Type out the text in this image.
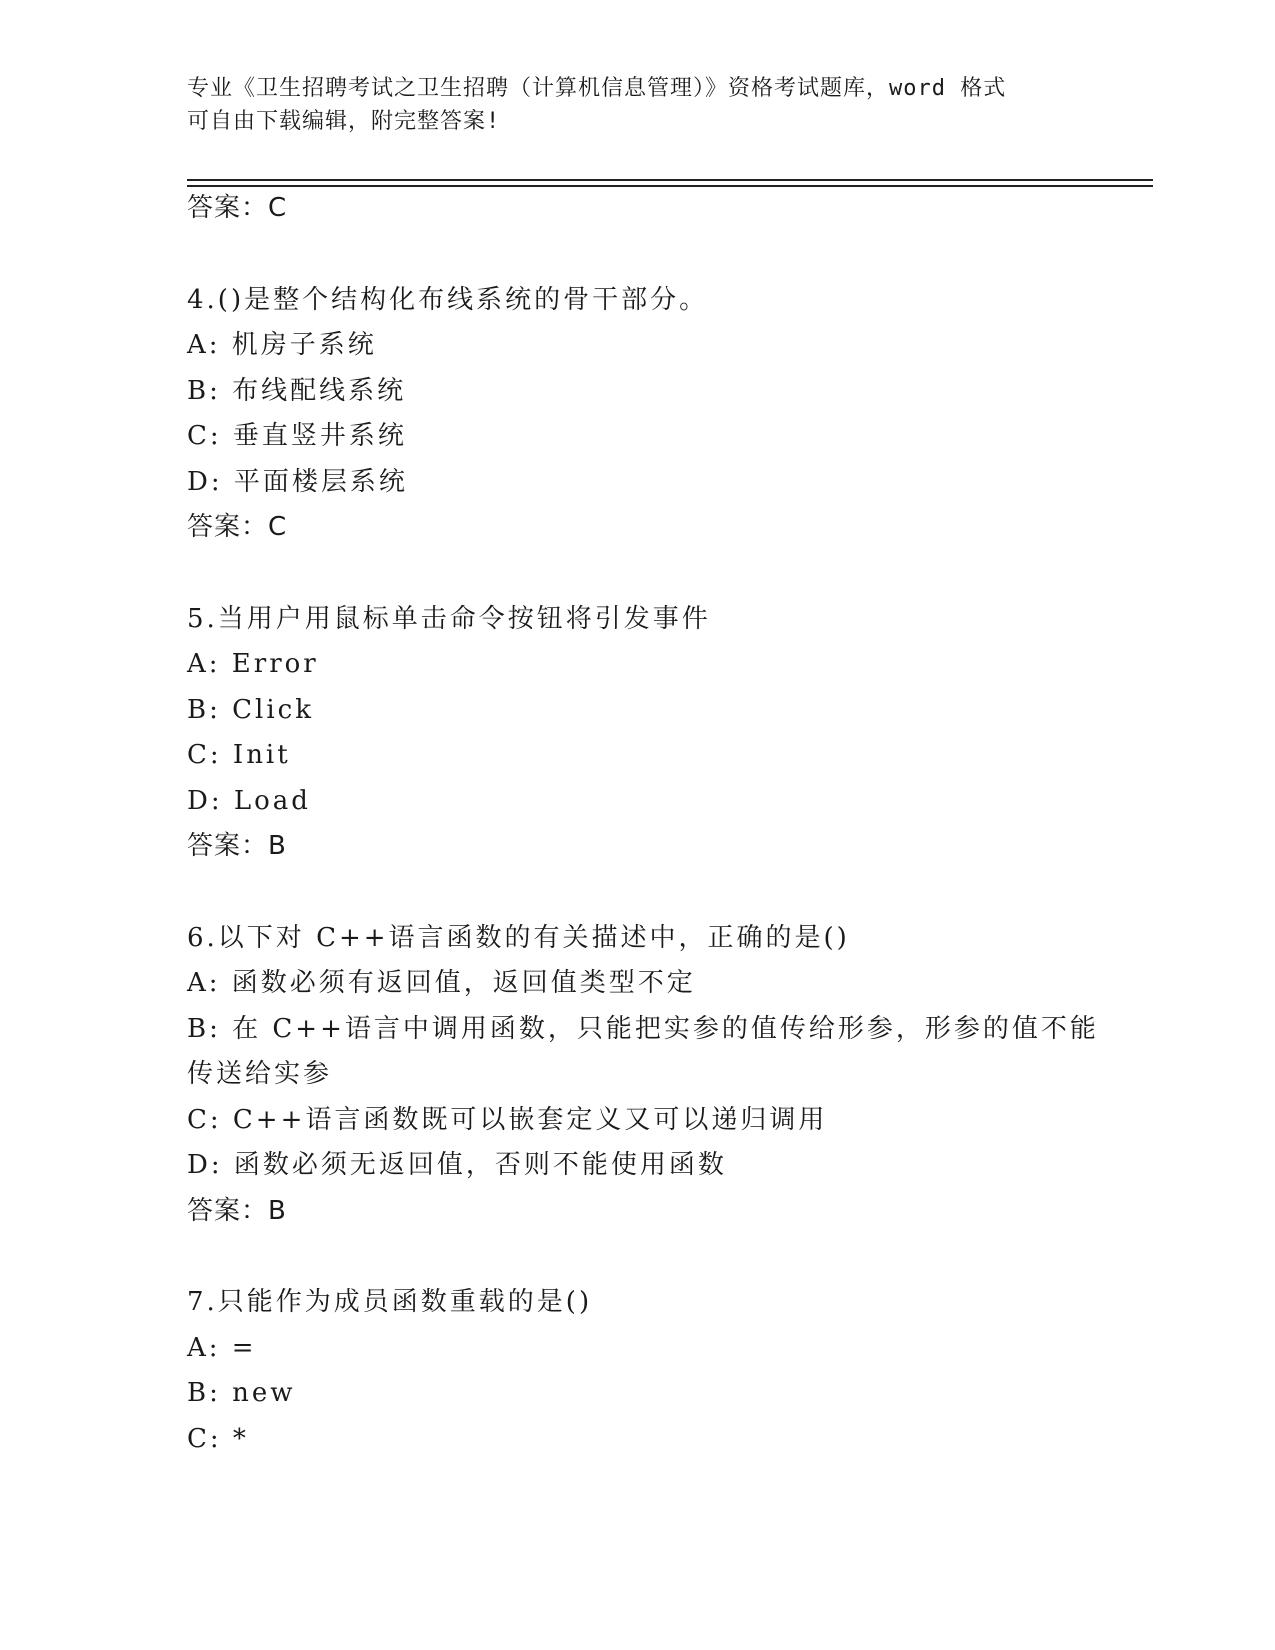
专业《卫生招聘考试之卫生招聘（计算机信息管理）》资格考试题库，word 格式
可自由下载编辑，附完整答案!
答案：C
4.()是整个结构化布线系统的骨干部分。
A: 机房子系统
B: 布线配线系统
C: 垂直竖井系统
D: 平面楼层系统
答案：C
5.当用户用鼠标单击命令按钮将引发事件
A: Error
B: Click
C: Init
D: Load
答案：B
6.以下对 C++语言函数的有关描述中，正确的是()
A: 函数必须有返回值，返回值类型不定
B: 在 C++语言中调用函数，只能把实参的值传给形参，形参的值不能
传送给实参
C: C++语言函数既可以嵌套定义又可以递归调用
D: 函数必须无返回值，否则不能使用函数
答案：B
7.只能作为成员函数重载的是()
A: =
B: new
C: *
